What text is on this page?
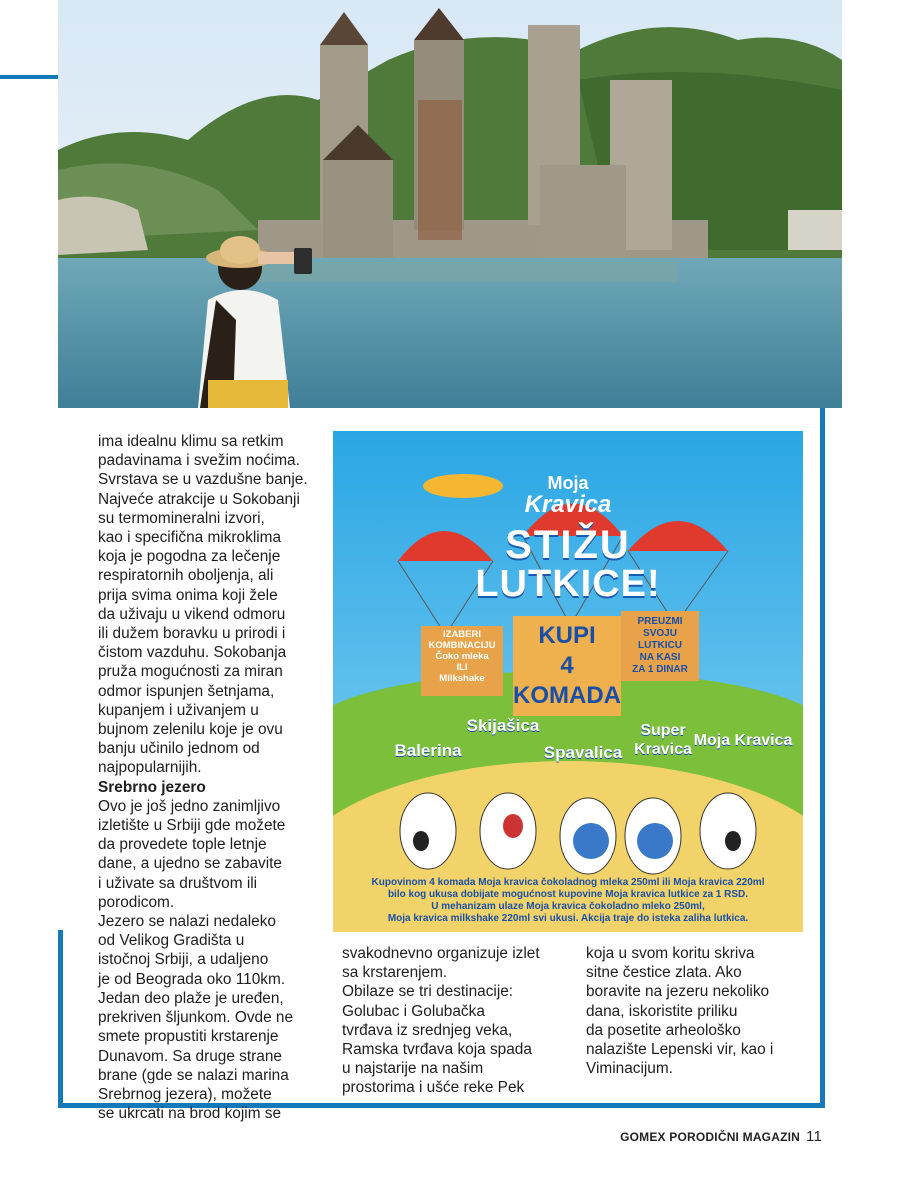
ima idealnu klimu sa retkim
padavinama i svežim noćima.
Svrstava se u vazdušne banje.
Najveće atrakcije u Sokobanji
su termomineralni izvori,
kao i specifična mikroklima
koja je pogodna za lečenje
respiratornih oboljenja, ali
prija svima onima koji žele
da uživaju u vikend odmoru
ili dužem boravku u prirodi i
čistom vazduhu. Sokobanja
pruža mogućnosti za miran
odmor ispunjen šetnjama,
kupanjem i uživanjem u
bujnom zelenilu koje je ovu
banju učinilo jednom od
najpopularnijih.
Srebrno jezero
Ovo je još jedno zanimljivo
izletište u Srbiji gde možete
da provedete tople letnje
dane, a ujedno se zabavite
i uživate sa društvom ili
porodicom.
Jezero se nalazi nedaleko
od Velikog Gradišta u
istočnoj Srbiji, a udaljeno
je od Beograda oko 110km.
Jedan deo plaže je uređen,
prekriven šljunkom. Ovde ne
smete propustiti krstarenje
Dunavom. Sa druge strane
brane (gde se nalazi marina
Srebrnog jezera), možete
se ukrcati na brod kojim se
svakodnevno organizuje izlet
sa krstarenjem.
Obilaze se tri destinacije:
Golubac i Golubačka
tvrđava iz srednjeg veka,
Ramska tvrđava koja spada
u najstarije na našim
prostorima i ušće reke Pek
koja u svom koritu skriva
sitne čestice zlata. Ako
boravite na jezeru nekoliko
dana, iskoristite priliku
da posetite arheološko
nalazište Lepenski vir, kao i
Viminacijum.
Moja
Kravica
STIŽU
LUTKICE!
IZABERI
KOMBINACIJU
Čoko mleka
ILI
Milkshake
KUPI
4
KOMADA
PREUZMI
SVOJU LUTKICU
NA KASI
ZA 1 DINAR
Balerina
Skijašica
Spavalica
Super Kravica
Moja Kravica
Kupovinom 4 komada Moja kravica čokoladnog mleka 250ml ili Moja kravica 220ml
bilo kog ukusa dobijate mogućnost kupovine Moja kravica lutkice za 1 RSD.
U mehanizam ulaze Moja kravica čokoladno mleko 250ml,
Moja kravica milkshake 220ml svi ukusi. Akcija traje do isteka zaliha lutkica.
GOMEX PORODIČNI MAGAZIN 11
